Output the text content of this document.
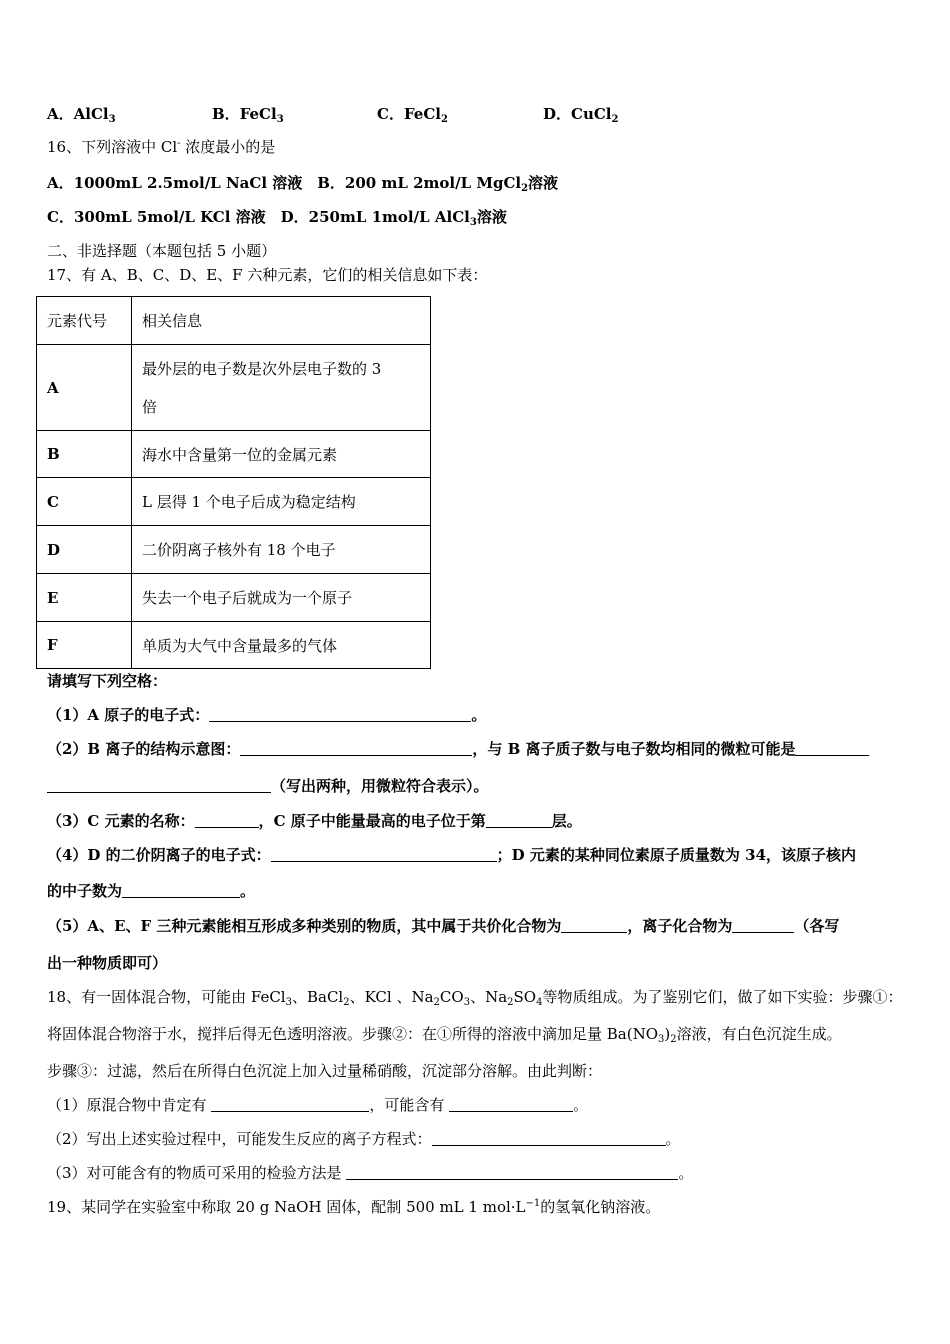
A．AlCl$_3$	B．FeCl$_3$	C．FeCl$_2$	D．CuCl$_2$
16、下列溶液中 Cl- 浓度最小的是
A．1000mL 2.5mol/L NaCl 溶液　B．200 mL 2mol/L MgCl$_2$溶液
C．300mL 5mol/L KCl 溶液　D．250mL 1mol/L AlCl$_3$溶液
二、非选择题（本题包括 5 小题）
17、有 A、B、C、D、E、F 六种元素，它们的相关信息如下表：
元素代号	相关信息
A	最外层的电子数是次外层电子数的 3
倍
B	海水中含量第一位的金属元素
C	L 层得 1 个电子后成为稳定结构
D	二价阴离子核外有 18 个电子
E	失去一个电子后就成为一个原子
F	单质为大气中含量最多的气体
请填写下列空格：
（1）A 原子的电子式：	。
（2）B 离子的结构示意图：	，与 B 离子质子数与电子数均相同的微粒可能是
（写出两种，用微粒符合表示）。
（3）C 元素的名称：	，C 原子中能量最高的电子位于第	层。
（4）D 的二价阴离子的电子式：	；D 元素的某种同位素原子质量数为 34，该原子核内
的中子数为	。
（5）A、E、F 三种元素能相互形成多种类别的物质，其中属于共价化合物为	，离子化合物为	（各写
出一种物质即可）
18、有一固体混合物，可能由 FeCl$_3$、BaCl$_2$、KCl 、$Na_2CO_3$、$Na_2SO_4$等物质组成。为了鉴别它们，做了如下实验：步骤①：
将固体混合物溶于水，搅拌后得无色透明溶液。步骤②：在①所得的溶液中滴加足量 $Ba(NO_3)_2$溶液，有白色沉淀生成。
步骤③：过滤，然后在所得白色沉淀上加入过量稀硝酸，沉淀部分溶解。由此判断：
（1）原混合物中肯定有	，可能含有	。
（2）写出上述实验过程中，可能发生反应的离子方程式：	。
（3）对可能含有的物质可采用的检验方法是	。
19、某同学在实验室中称取 20 g NaOH 固体，配制 500 mL 1 $mol\cdot L^{-1}$的氢氧化钠溶液。
